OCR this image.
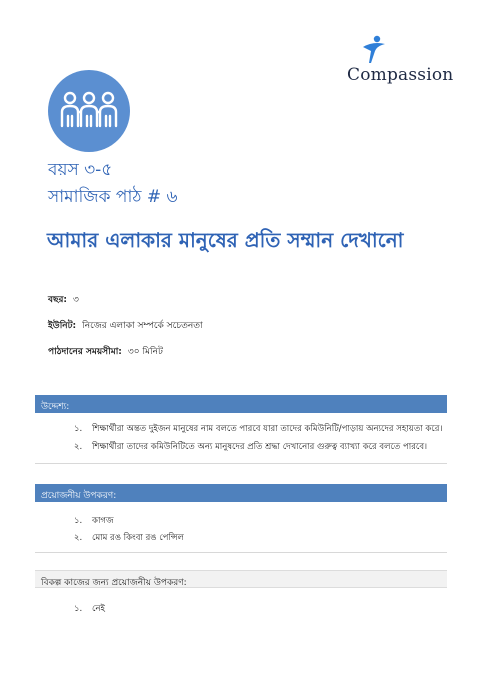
Compassion
বয়স ৩-৫
সামাজিক পাঠ # ৬
আমার এলাকার মানুষের প্রতি সম্মান দেখানো
বছর: ৩
ইউনিট: নিজের এলাকা সম্পর্কে সচেতনতা
পাঠদানের সময়সীমা: ৩০ মিনিট
উদ্দেশ্য:
১. শিক্ষার্থীরা অন্তত দুইজন মানুষের নাম বলতে পারবে যারা তাদের কমিউনিটি/পাড়ায় অন্যদের সহায়তা করে।
২. শিক্ষার্থীরা তাদের কমিউনিটিতে অন্য মানুষদের প্রতি শ্রদ্ধা দেখানোর গুরুত্ব ব্যাখ্যা করে বলতে পারবে।
প্রয়োজনীয় উপকরণ:
১. কাগজ
২. মোম রঙ কিংবা রঙ পেন্সিল
বিকল্প কাজের জন্য প্রয়োজনীয় উপকরণ:
১. নেই
